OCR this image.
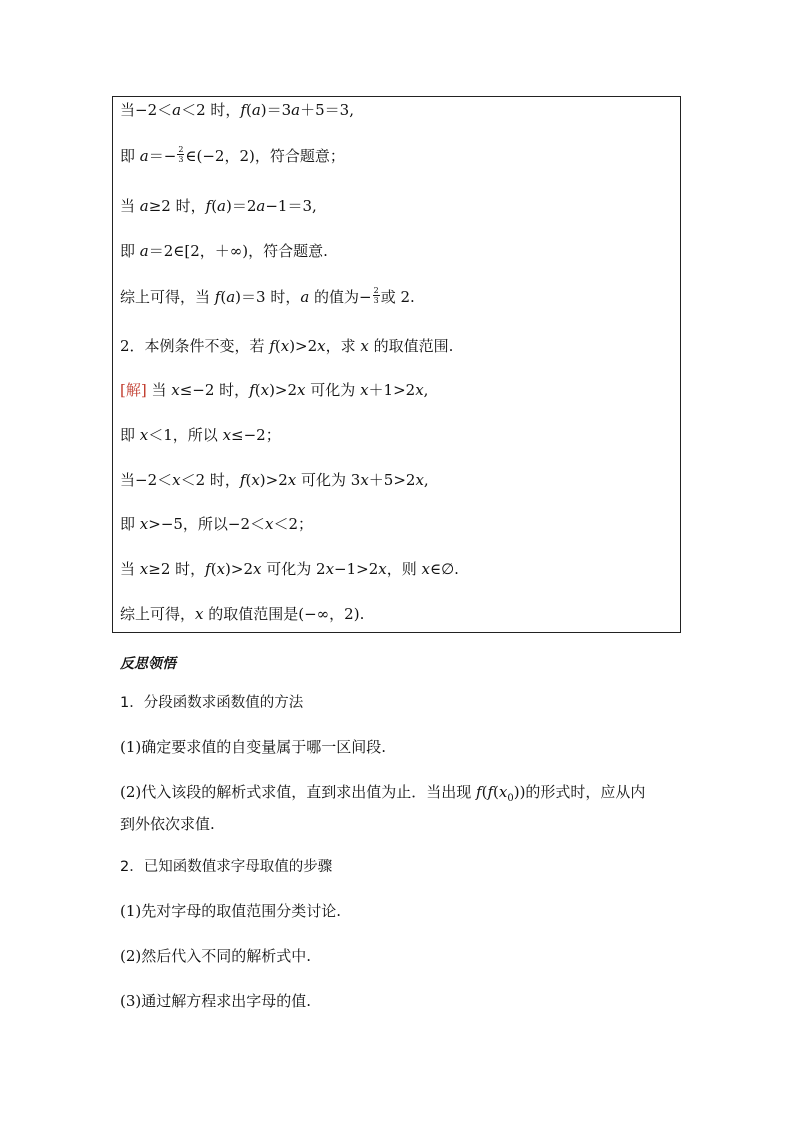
当−2＜a＜2 时，f(a)＝3a＋5＝3,
即 $a=- \frac{2}{3}$ ∈(−2，2)，符合题意；
当 a≥2 时，f(a)＝2a−1＝3,
即 a＝2∈[2，＋∞)，符合题意.
综上可得，当 f(a)＝3 时，a 的值为− $\frac{2}{3}$ 或 2.
2．本例条件不变，若 f(x)>2x，求 x 的取值范围.
[解] 当 x≤−2 时，f(x)>2x 可化为 x＋1>2x,
即 x＜1，所以 x≤−2；
当−2＜x＜2 时，f(x)>2x 可化为 3x＋5>2x,
即 x>−5，所以−2＜x＜2；
当 x≥2 时，f(x)>2x 可化为 2x−1>2x，则 x∈∅.
综上可得，x 的取值范围是(−∞，2).
反思领悟
1．分段函数求函数值的方法
(1)确定要求值的自变量属于哪一区间段.
(2)代入该段的解析式求值，直到求出值为止．当出现 $f(f(x_0))$的形式时，应从内
到外依次求值.
2．已知函数值求字母取值的步骤
(1)先对字母的取值范围分类讨论.
(2)然后代入不同的解析式中.
(3)通过解方程求出字母的值.
